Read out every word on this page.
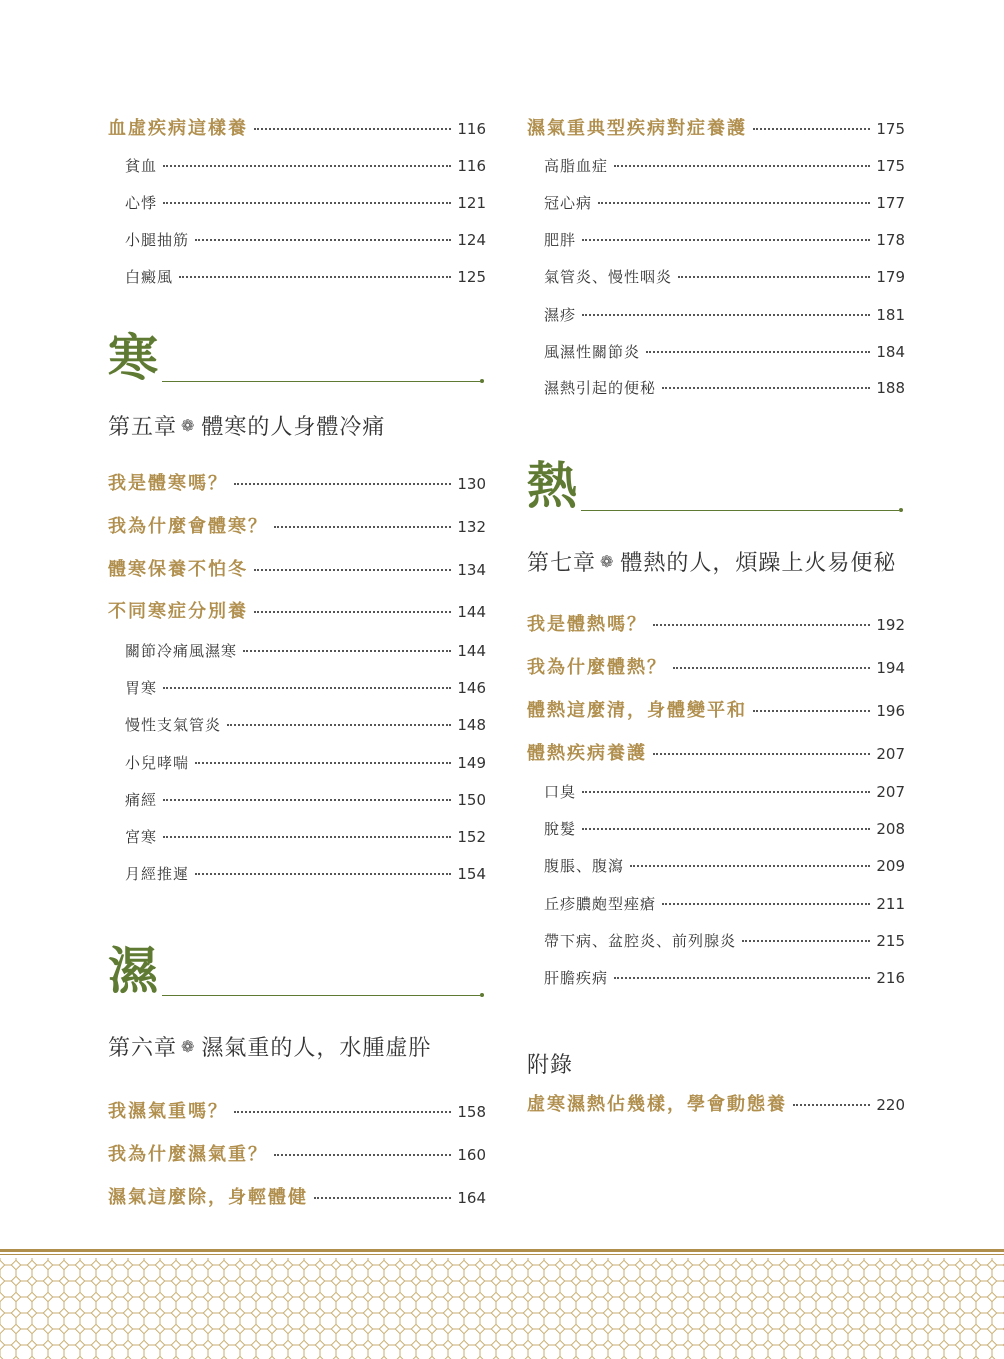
血虛疾病這樣養	116
貧血	116
心悸	121
小腿抽筋	124
白癜風	125
寒
第五章 ❁ 體寒的人身體冷痛
我是體寒嗎？	130
我為什麼會體寒？	132
體寒保養不怕冬	134
不同寒症分別養	144
關節冷痛風濕寒	144
胃寒	146
慢性支氣管炎	148
小兒哮喘	149
痛經	150
宮寒	152
月經推遲	154
濕
第六章 ❁ 濕氣重的人，水腫虛肸
我濕氣重嗎？	158
我為什麼濕氣重？	160
濕氣這麼除，身輕體健	164
濕氣重典型疾病對症養護	175
高脂血症	175
冠心病	177
肥胖	178
氣管炎、慢性咽炎	179
濕疹	181
風濕性關節炎	184
濕熱引起的便秘	188
熱
第七章 ❁ 體熱的人，煩躁上火易便秘
我是體熱嗎？	192
我為什麼體熱？	194
體熱這麼清，身體變平和	196
體熱疾病養護	207
口臭	207
脫髮	208
腹脹、腹瀉	209
丘疹膿皰型痤瘡	211
帶下病、盆腔炎、前列腺炎	215
肝膽疾病	216
附錄
虛寒濕熱佔幾樣，學會動態養	220
